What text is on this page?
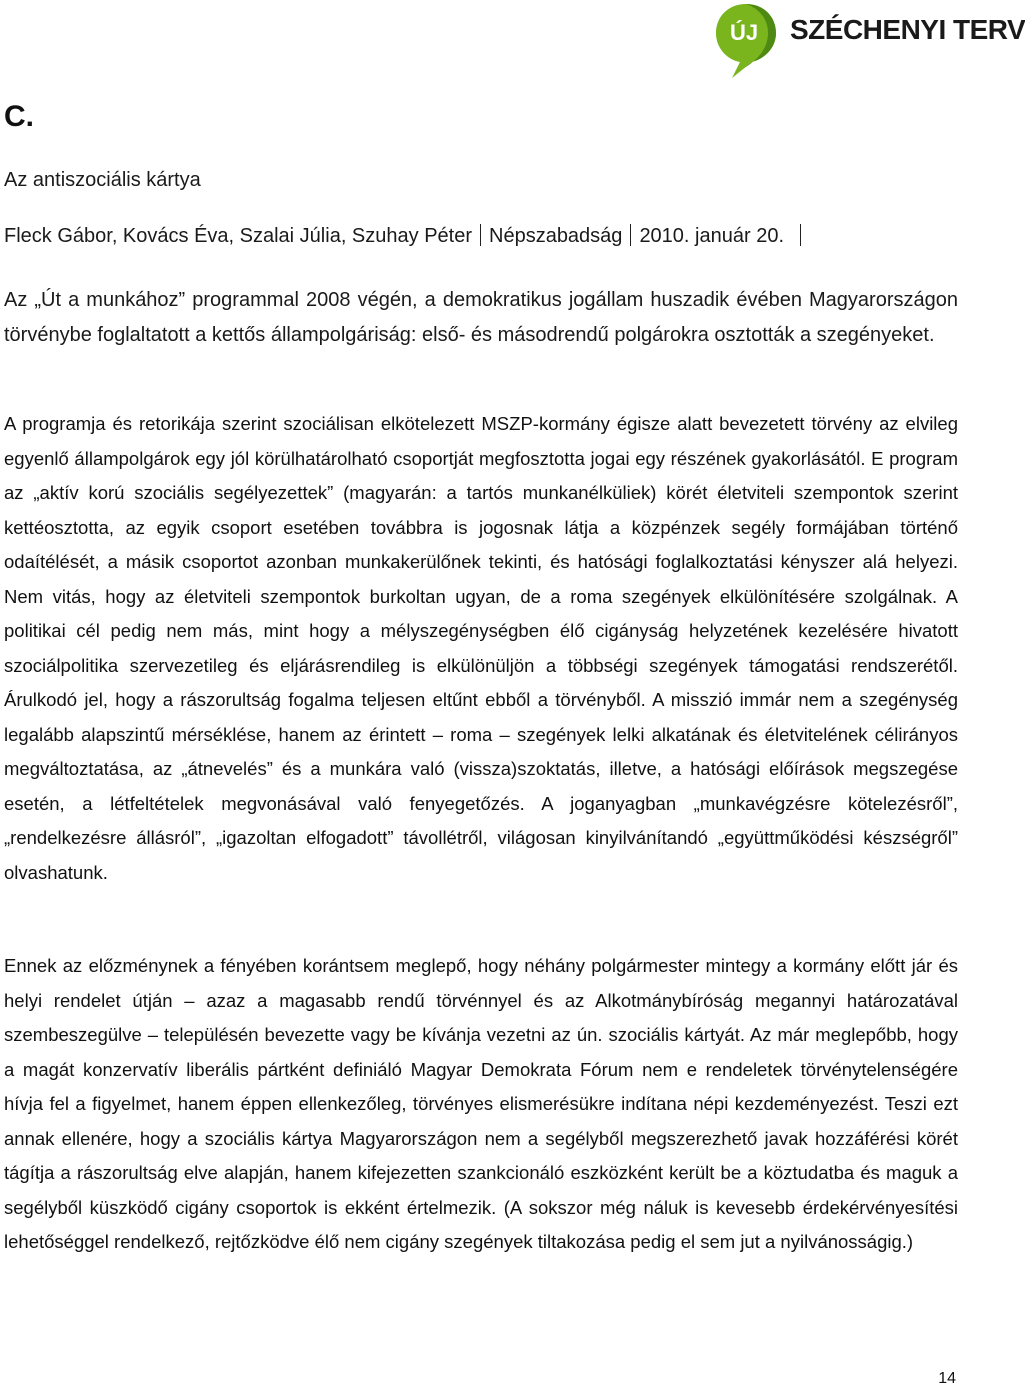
ÚJ SZÉCHENYI TERV
C.

Az antiszociális kártya

Fleck Gábor, Kovács Éva, Szalai Júlia, Szuhay Péter Népszabadság 2010. január 20.

Az „Út a munkához” programmal 2008 végén, a demokratikus jogállam huszadik évében Magyarországon törvénybe foglaltatott a kettős állampolgáriság: első- és másodrendű polgárokra osztották a szegényeket.

A programja és retorikája szerint szociálisan elkötelezett MSZP-kormány égisze alatt bevezetett törvény az elvileg egyenlő állampolgárok egy jól körülhatárolható csoportját megfosztotta jogai egy részének gyakorlásától. E program az „aktív korú szociális segélyezettek” (magyarán: a tartós munkanélküliek) körét életviteli szempontok szerint kettéosztotta, az egyik csoport esetében továbbra is jogosnak látja a közpénzek segély formájában történő odaítélését, a másik csoportot azonban munkakerülőnek tekinti, és hatósági foglalkoztatási kényszer alá helyezi. Nem vitás, hogy az életviteli szempontok burkoltan ugyan, de a roma szegények elkülönítésére szolgálnak. A politikai cél pedig nem más, mint hogy a mélyszegénységben élő cigányság helyzetének kezelésére hivatott szociálpolitika szervezetileg és eljárásrendileg is elkülönüljön a többségi szegények támogatási rendszerétől. Árulkodó jel, hogy a rászorultság fogalma teljesen eltűnt ebből a törvényből. A misszió immár nem a szegénység legalább alapszintű mérséklése, hanem az érintett – roma – szegények lelki alkatának és életvitelének célirányos megváltoztatása, az „átnevelés” és a munkára való (vissza)szoktatás, illetve, a hatósági előírások megszegése esetén, a létfeltételek megvonásával való fenyegetőzés. A joganyagban „munkavégzésre kötelezésről”, „rendelkezésre állásról”, „igazoltan elfogadott” távollétről, világosan kinyilvánítandó „együttműködési készségről” olvashatunk.

Ennek az előzménynek a fényében korántsem meglepő, hogy néhány polgármester mintegy a kormány előtt jár és helyi rendelet útján – azaz a magasabb rendű törvénnyel és az Alkotmánybíróság megannyi határozatával szembeszegülve – településén bevezette vagy be kívánja vezetni az ún. szociális kártyát. Az már meglepőbb, hogy a magát konzervatív liberális pártként definiáló Magyar Demokrata Fórum nem e rendeletek törvénytelenségére hívja fel a figyelmet, hanem éppen ellenkezőleg, törvényes elismerésükre indítana népi kezdeményezést. Teszi ezt annak ellenére, hogy a szociális kártya Magyarországon nem a segélyből megszerezhető javak hozzáférési körét tágítja a rászorultság elve alapján, hanem kifejezetten szankcionáló eszközként került be a köztudatba és maguk a segélyből küszködő cigány csoportok is ekként értelmezik. (A sokszor még náluk is kevesebb érdekérvényesítési lehetőséggel rendelkező, rejtőzködve élő nem cigány szegények tiltakozása pedig el sem jut a nyilvánosságig.)

14
